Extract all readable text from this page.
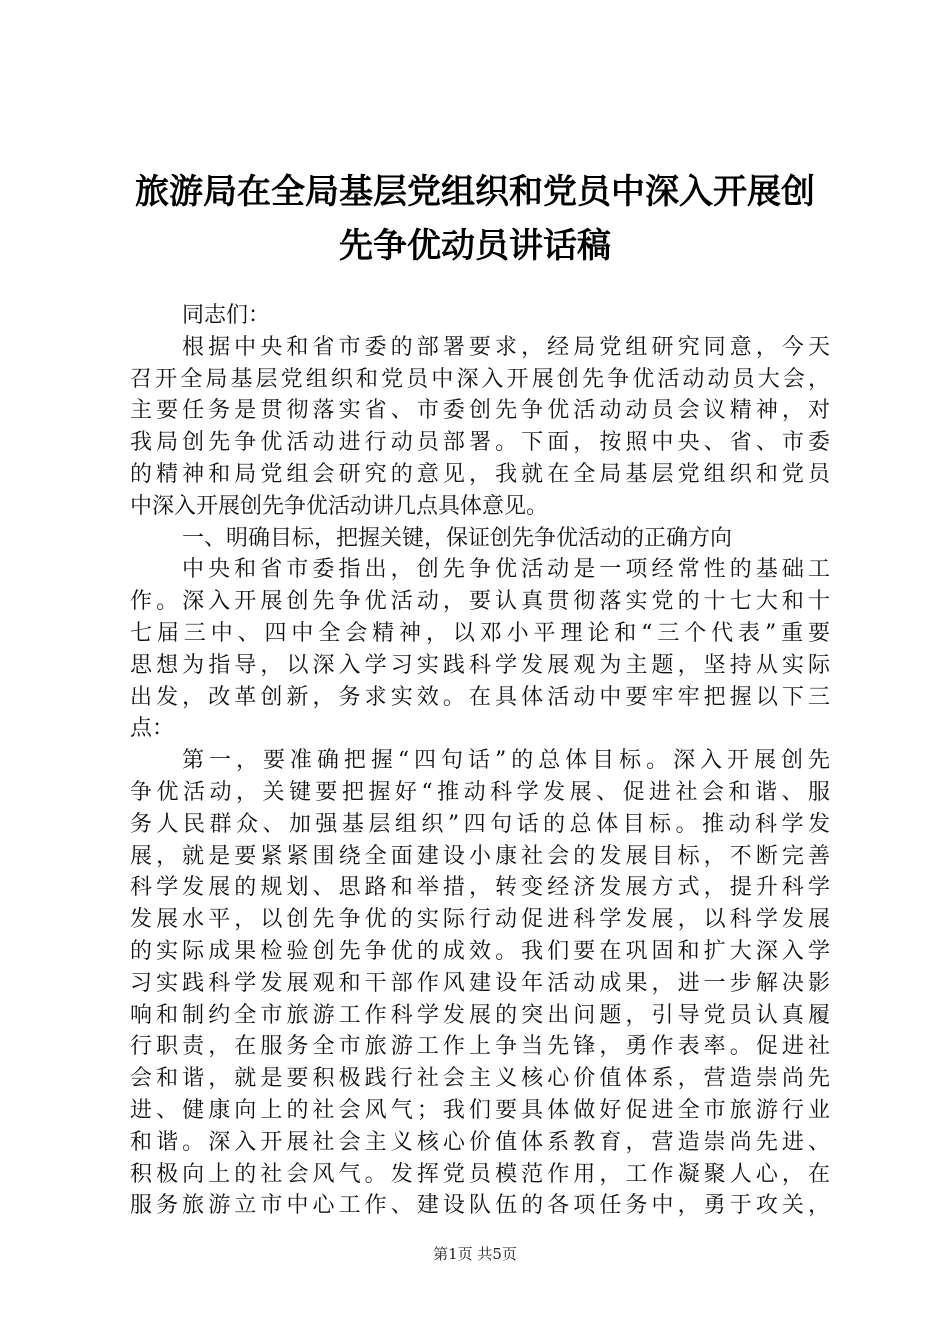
旅游局在全局基层党组织和党员中深入开展创
先争优动员讲话稿
同志们：
根据中央和省市委的部署要求，经局党组研究同意，今天
召开全局基层党组织和党员中深入开展创先争优活动动员大会，
主要任务是贯彻落实省、市委创先争优活动动员会议精神，对
我局创先争优活动进行动员部署。下面，按照中央、省、市委
的精神和局党组会研究的意见，我就在全局基层党组织和党员
中深入开展创先争优活动讲几点具体意见。
一、明确目标，把握关键，保证创先争优活动的正确方向
中央和省市委指出，创先争优活动是一项经常性的基础工
作。深入开展创先争优活动，要认真贯彻落实党的十七大和十
七届三中、四中全会精神，以邓小平理论和“三个代表”重要
思想为指导，以深入学习实践科学发展观为主题，坚持从实际
出发，改革创新，务求实效。在具体活动中要牢牢把握以下三
点：
第一，要准确把握“四句话”的总体目标。深入开展创先
争优活动，关键要把握好“推动科学发展、促进社会和谐、服
务人民群众、加强基层组织”四句话的总体目标。推动科学发
展，就是要紧紧围绕全面建设小康社会的发展目标，不断完善
科学发展的规划、思路和举措，转变经济发展方式，提升科学
发展水平，以创先争优的实际行动促进科学发展，以科学发展
的实际成果检验创先争优的成效。我们要在巩固和扩大深入学
习实践科学发展观和干部作风建设年活动成果，进一步解决影
响和制约全市旅游工作科学发展的突出问题，引导党员认真履
行职责，在服务全市旅游工作上争当先锋，勇作表率。促进社
会和谐，就是要积极践行社会主义核心价值体系，营造崇尚先
进、健康向上的社会风气；我们要具体做好促进全市旅游行业
和谐。深入开展社会主义核心价值体系教育，营造崇尚先进、
积极向上的社会风气。发挥党员模范作用，工作凝聚人心，在
服务旅游立市中心工作、建设队伍的各项任务中，勇于攻关，
第1页 共5页
